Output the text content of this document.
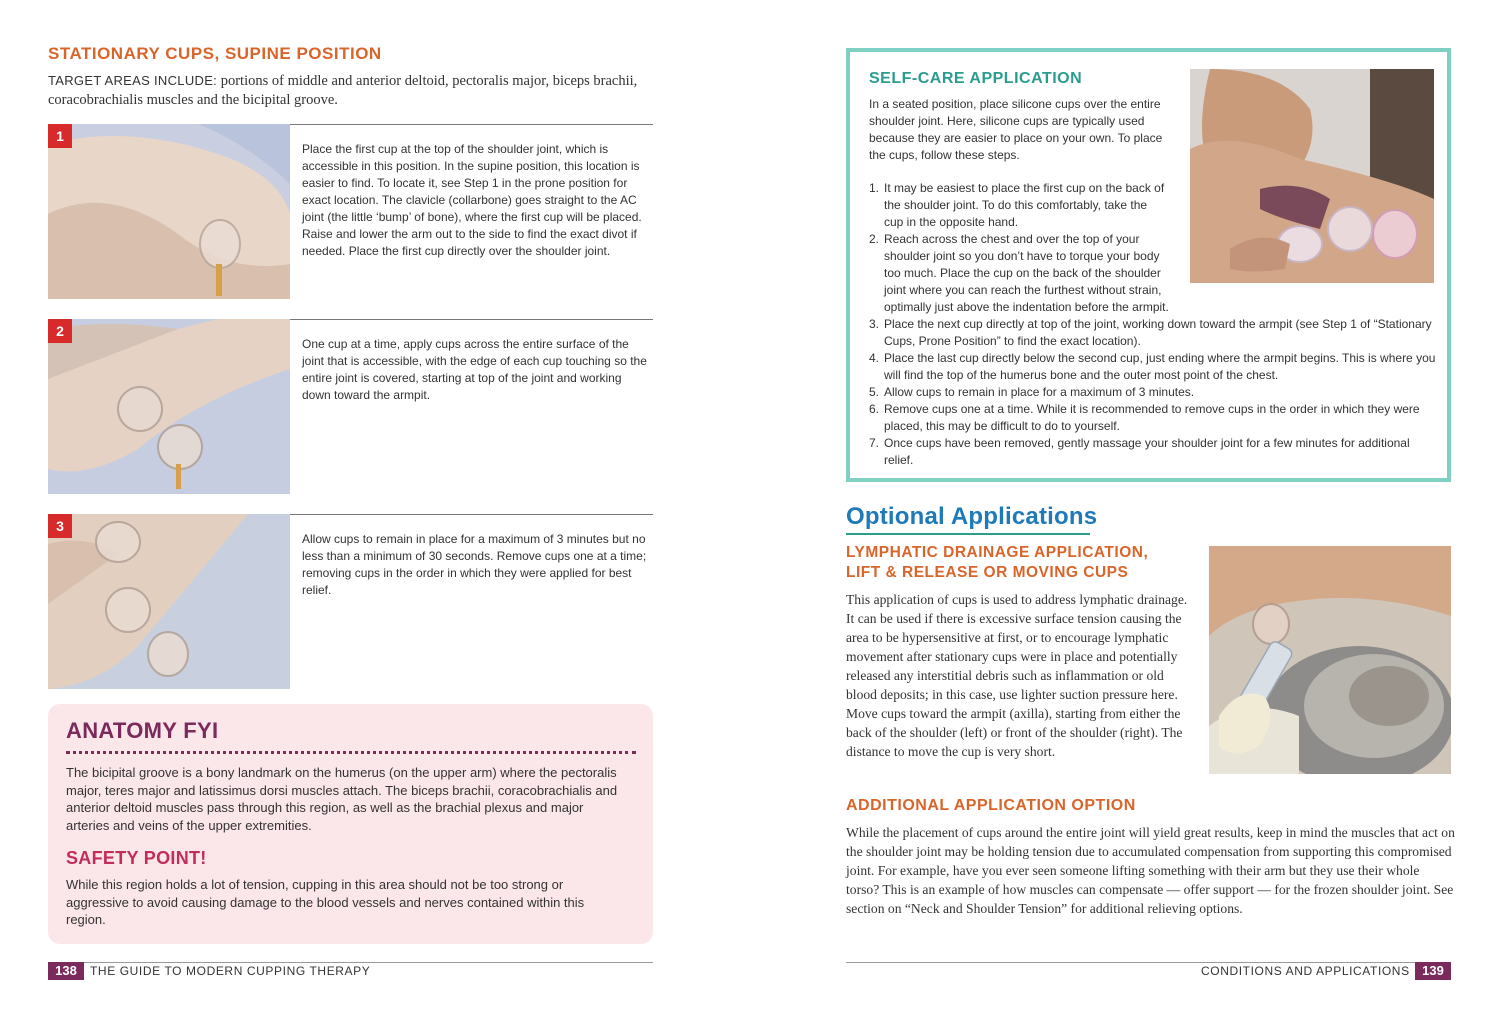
STATIONARY CUPS, SUPINE POSITION
TARGET AREAS INCLUDE: portions of middle and anterior deltoid, pectoralis major, biceps brachii, coracobrachialis muscles and the bicipital groove.
1
Place the first cup at the top of the shoulder joint, which is accessible in this position. In the supine position, this location is easier to find. To locate it, see Step 1 in the prone position for exact location. The clavicle (collarbone) goes straight to the AC joint (the little ‘bump’ of bone), where the first cup will be placed. Raise and lower the arm out to the side to find the exact divot if needed. Place the first cup directly over the shoulder joint.
2
One cup at a time, apply cups across the entire surface of the joint that is accessible, with the edge of each cup touching so the entire joint is covered, starting at top of the joint and working down toward the armpit.
3
Allow cups to remain in place for a maximum of 3 minutes but no less than a minimum of 30 seconds. Remove cups one at a time; removing cups in the order in which they were applied for best relief.
ANATOMY FYI
The bicipital groove is a bony landmark on the humerus (on the upper arm) where the pectoralis major, teres major and latissimus dorsi muscles attach. The biceps brachii, coracobrachialis and anterior deltoid muscles pass through this region, as well as the brachial plexus and major arteries and veins of the upper extremities.
SAFETY POINT!
While this region holds a lot of tension, cupping in this area should not be too strong or aggressive to avoid causing damage to the blood vessels and nerves contained within this region.
138	THE GUIDE TO MODERN CUPPING THERAPY
SELF-CARE APPLICATION
In a seated position, place silicone cups over the entire shoulder joint. Here, silicone cups are typically used because they are easier to place on your own. To place the cups, follow these steps.
1. It may be easiest to place the first cup on the back of the shoulder joint. To do this comfortably, take the cup in the opposite hand.
2. Reach across the chest and over the top of your shoulder joint so you don’t have to torque your body too much. Place the cup on the back of the shoulder joint where you can reach the furthest without strain, optimally just above the indentation before the armpit.
3. Place the next cup directly at top of the joint, working down toward the armpit (see Step 1 of “Stationary Cups, Prone Position” to find the exact location).
4. Place the last cup directly below the second cup, just ending where the armpit begins. This is where you will find the top of the humerus bone and the outer most point of the chest.
5. Allow cups to remain in place for a maximum of 3 minutes.
6. Remove cups one at a time. While it is recommended to remove cups in the order in which they were placed, this may be difficult to do to yourself.
7. Once cups have been removed, gently massage your shoulder joint for a few minutes for additional relief.
Optional Applications
LYMPHATIC DRAINAGE APPLICATION, LIFT & RELEASE OR MOVING CUPS
This application of cups is used to address lymphatic drainage. It can be used if there is excessive surface tension causing the area to be hypersensitive at first, or to encourage lymphatic movement after stationary cups were in place and potentially released any interstitial debris such as inflammation or old blood deposits; in this case, use lighter suction pressure here. Move cups toward the armpit (axilla), starting from either the back of the shoulder (left) or front of the shoulder (right). The distance to move the cup is very short.
ADDITIONAL APPLICATION OPTION
While the placement of cups around the entire joint will yield great results, keep in mind the muscles that act on the shoulder joint may be holding tension due to accumulated compensation from supporting this compromised joint. For example, have you ever seen someone lifting something with their arm but they use their whole torso? This is an example of how muscles can compensate — offer support — for the frozen shoulder joint. See section on “Neck and Shoulder Tension” for additional relieving options.
CONDITIONS AND APPLICATIONS 139
